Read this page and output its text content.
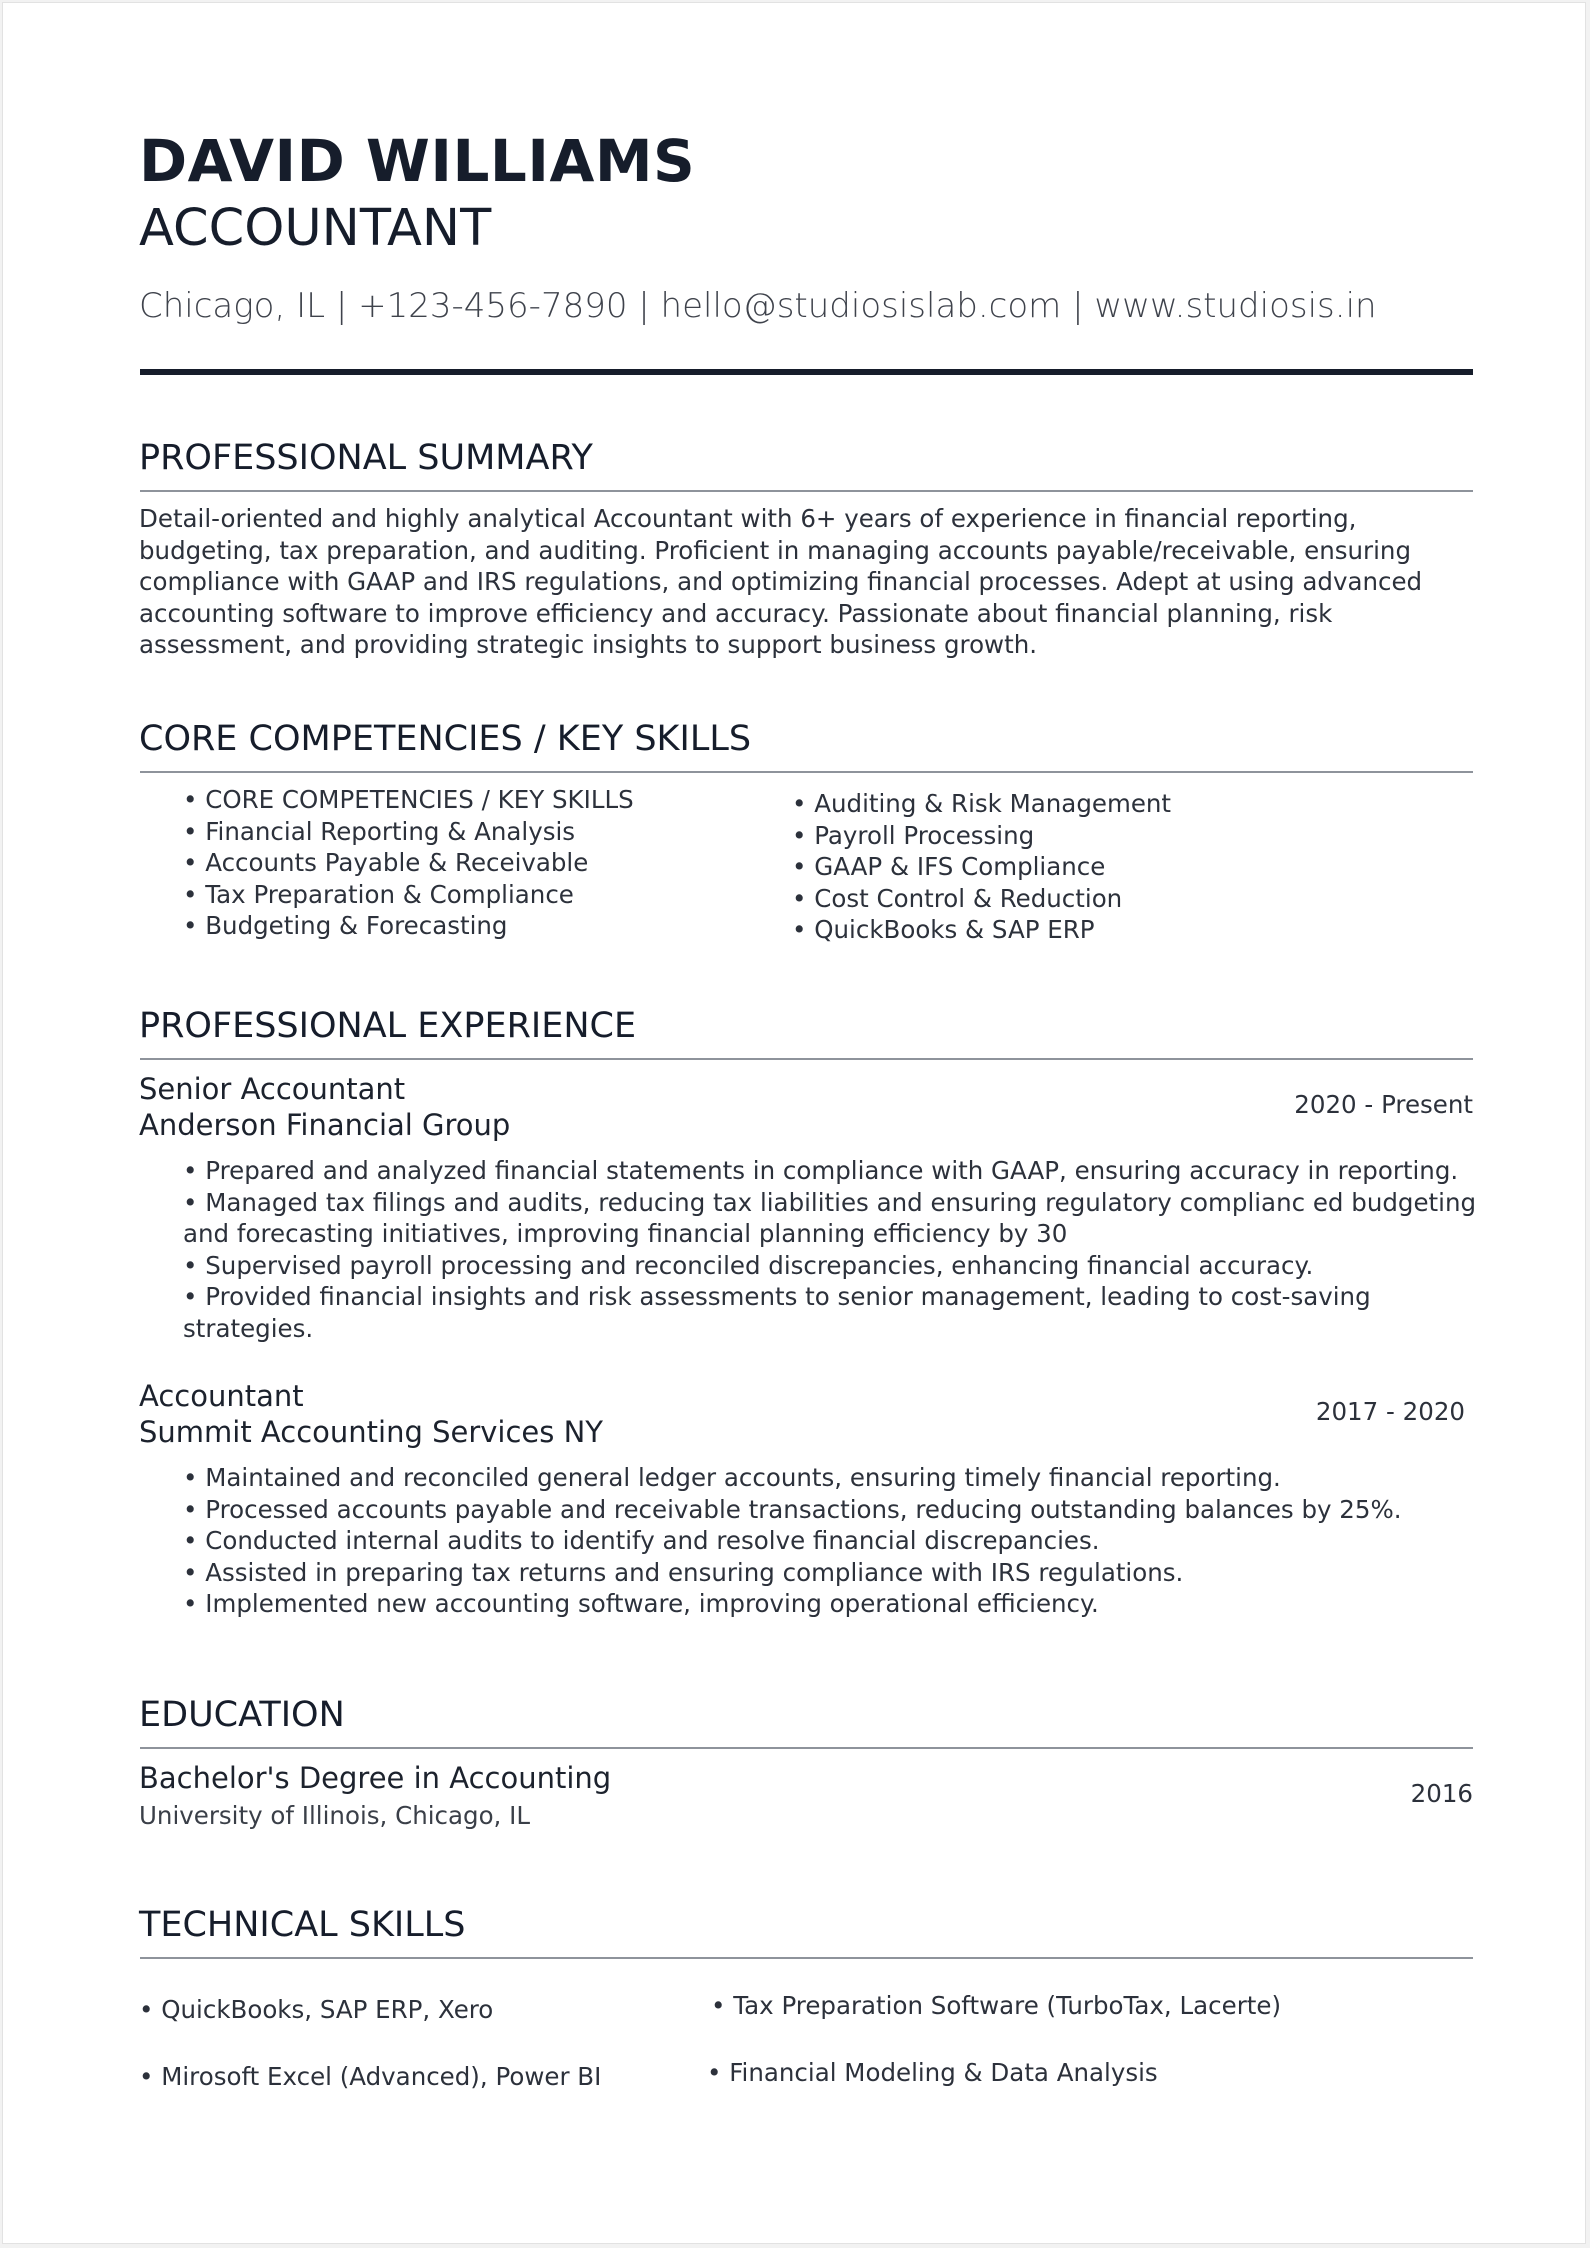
DAVID WILLIAMS
ACCOUNTANT
Chicago, IL | +123-456-7890 | hello@studiosislab.com | www.studiosis.in
PROFESSIONAL SUMMARY
Detail-oriented and highly analytical Accountant with 6+ years of experience in financial reporting, budgeting, tax preparation, and auditing. Proficient in managing accounts payable/receivable, ensuring compliance with GAAP and IRS regulations, and optimizing financial processes. Adept at using advanced accounting software to improve efficiency and accuracy. Passionate about financial planning, risk assessment, and providing strategic insights to support business growth.
CORE COMPETENCIES / KEY SKILLS
• CORE COMPETENCIES / KEY SKILLS
• Financial Reporting & Analysis
• Accounts Payable & Receivable
• Tax Preparation & Compliance
• Budgeting & Forecasting
• Auditing & Risk Management
• Payroll Processing
• GAAP & IFS Compliance
• Cost Control & Reduction
• QuickBooks & SAP ERP
PROFESSIONAL EXPERIENCE
Senior Accountant
Anderson Financial Group
2020 - Present
• Prepared and analyzed financial statements in compliance with GAAP, ensuring accuracy in reporting.
• Managed tax filings and audits, reducing tax liabilities and ensuring regulatory complianc ed budgeting
and forecasting initiatives, improving financial planning efficiency by 30
• Supervised payroll processing and reconciled discrepancies, enhancing financial accuracy.
• Provided financial insights and risk assessments to senior management, leading to cost-saving
strategies.
Accountant
Summit Accounting Services NY
2017 - 2020
• Maintained and reconciled general ledger accounts, ensuring timely financial reporting.
• Processed accounts payable and receivable transactions, reducing outstanding balances by 25%.
• Conducted internal audits to identify and resolve financial discrepancies.
• Assisted in preparing tax returns and ensuring compliance with IRS regulations.
• Implemented new accounting software, improving operational efficiency.
EDUCATION
Bachelor's Degree in Accounting
University of Illinois, Chicago, IL
2016
TECHNICAL SKILLS
• QuickBooks, SAP ERP, Xero	• Tax Preparation Software (TurboTax, Lacerte)
• Mirosoft Excel (Advanced), Power BI	• Financial Modeling & Data Analysis
